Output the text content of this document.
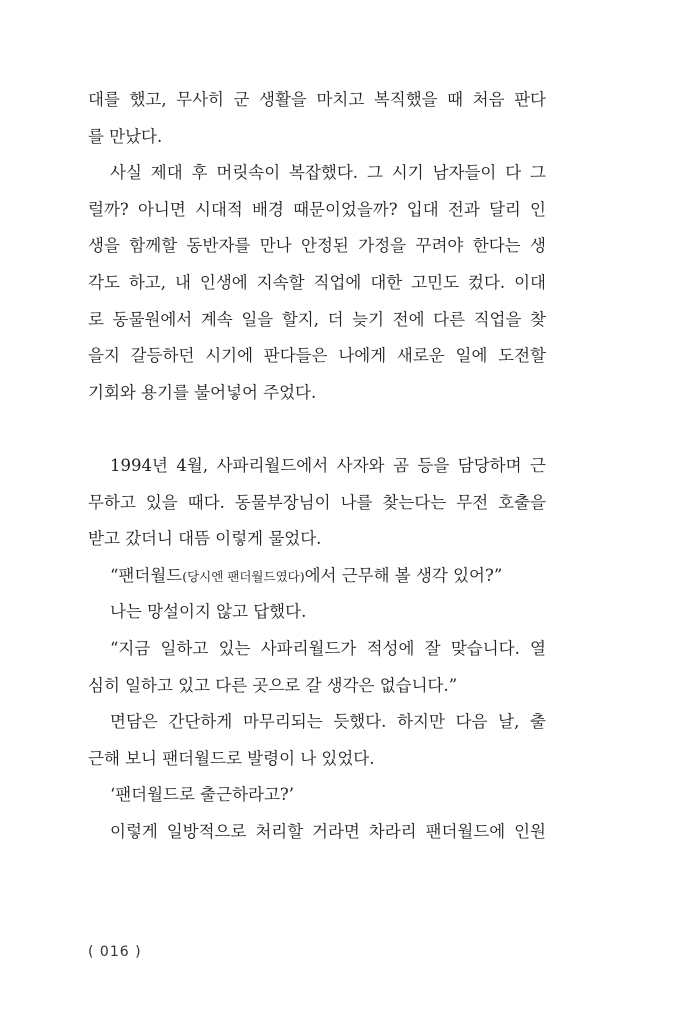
대를 했고, 무사히 군 생활을 마치고 복직했을 때 처음 판다
를 만났다.
사실 제대 후 머릿속이 복잡했다. 그 시기 남자들이 다 그
럴까? 아니면 시대적 배경 때문이었을까? 입대 전과 달리 인
생을 함께할 동반자를 만나 안정된 가정을 꾸려야 한다는 생
각도 하고, 내 인생에 지속할 직업에 대한 고민도 컸다. 이대
로 동물원에서 계속 일을 할지, 더 늦기 전에 다른 직업을 찾
을지 갈등하던 시기에 판다들은 나에게 새로운 일에 도전할
기회와 용기를 불어넣어 주었다.
1994년 4월, 사파리월드에서 사자와 곰 등을 담당하며 근
무하고 있을 때다. 동물부장님이 나를 찾는다는 무전 호출을
받고 갔더니 대뜸 이렇게 물었다.
“팬더월드(당시엔 팬더월드였다)에서 근무해 볼 생각 있어?”
나는 망설이지 않고 답했다.
“지금 일하고 있는 사파리월드가 적성에 잘 맞습니다. 열
심히 일하고 있고 다른 곳으로 갈 생각은 없습니다.”
면담은 간단하게 마무리되는 듯했다. 하지만 다음 날, 출
근해 보니 팬더월드로 발령이 나 있었다.
‘팬더월드로 출근하라고?’
이렇게 일방적으로 처리할 거라면 차라리 팬더월드에 인원
( 016 )
